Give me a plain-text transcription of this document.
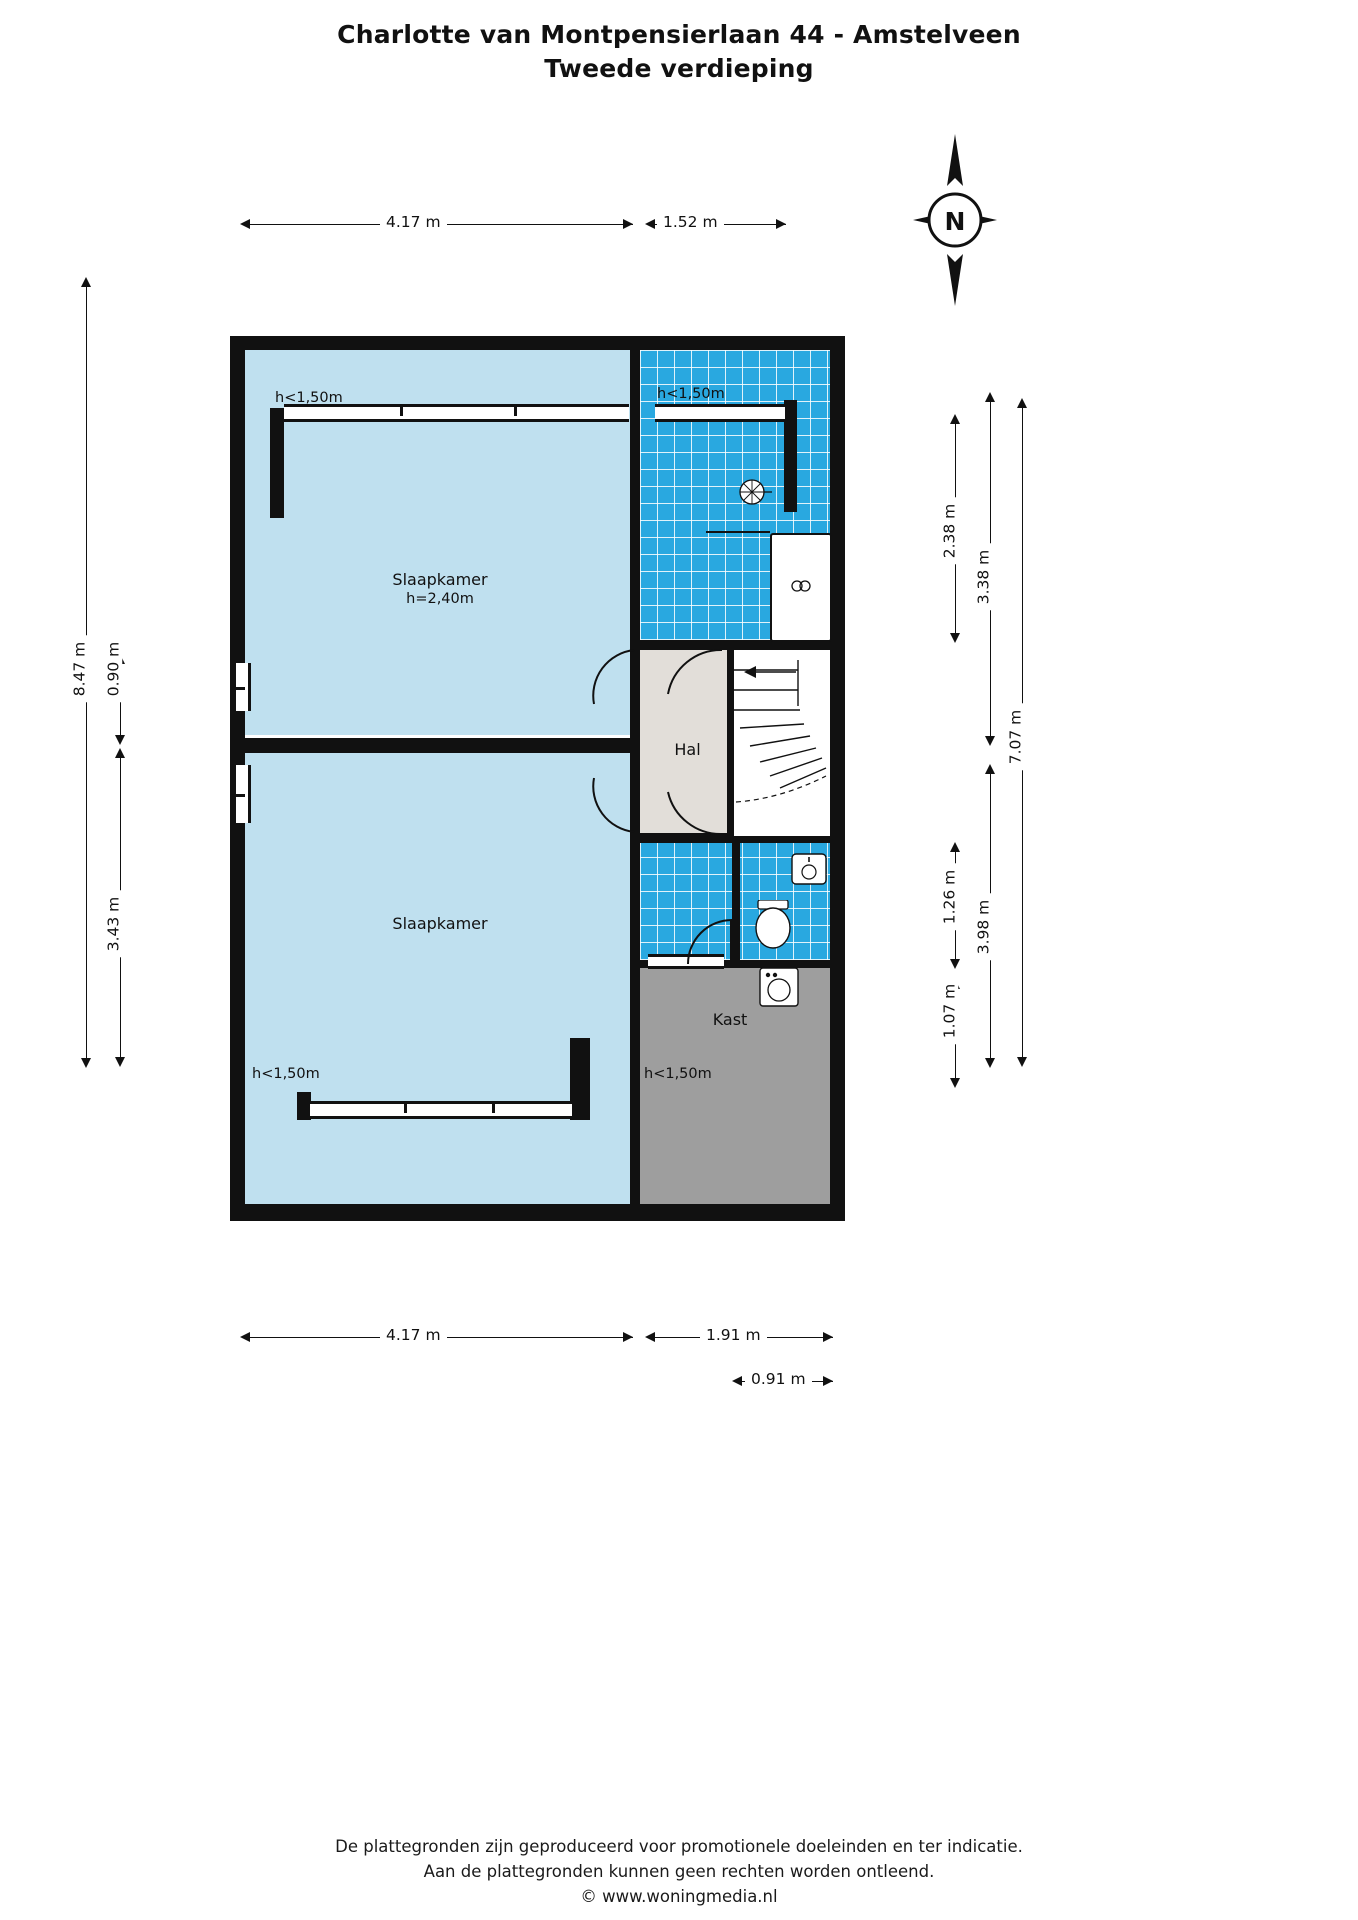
Charlotte van Montpensierlaan 44 - Amstelveen
Tweede verdieping
4.17 m	1.52 m
8.47 m 0.90 m
3.43 m
2.38 m
3.38 m
7.07 m
1.26 m
3.98 m
1.07 m
4.17 m	1.91 m
0.91 m
Slaapkamer
h=2,40m
Slaapkamer
Hal
Kast
h<1,50m	h<1,50m
h<1,50m	h<1,50m
N
De plattegronden zijn geproduceerd voor promotionele doeleinden en ter indicatie.
Aan de plattegronden kunnen geen rechten worden ontleend.
© www.woningmedia.nl
